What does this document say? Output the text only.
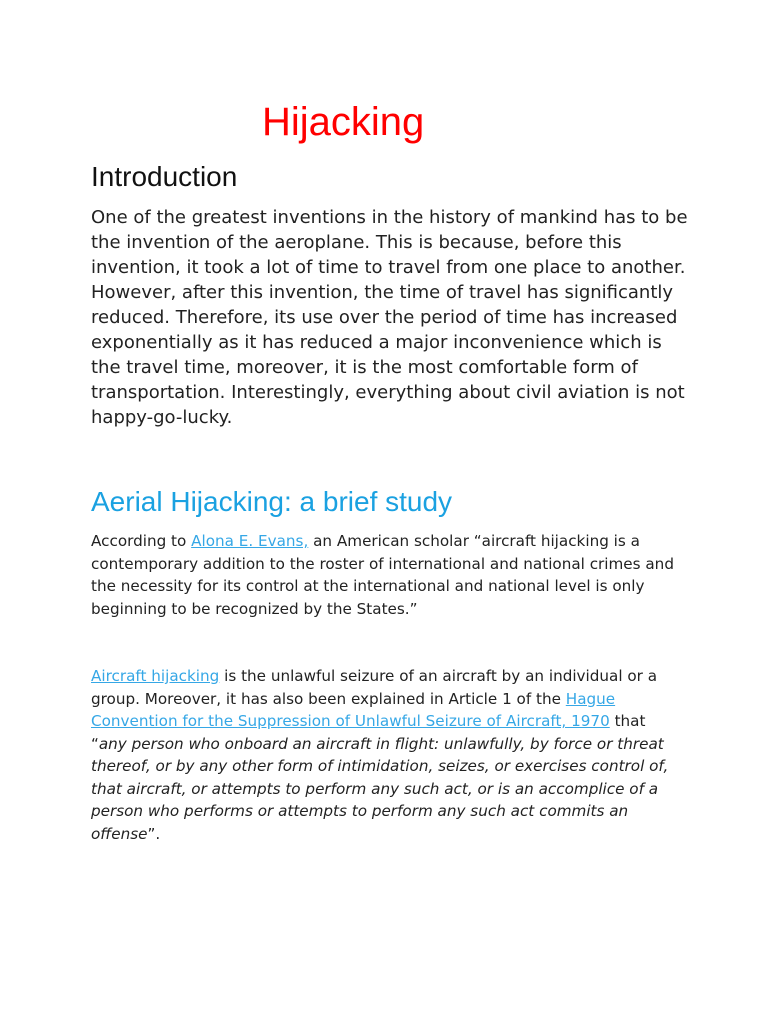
Hijacking
Introduction

One of the greatest inventions in the history of mankind has to be the invention of the aeroplane. This is because, before this invention, it took a lot of time to travel from one place to another. However, after this invention, the time of travel has significantly reduced. Therefore, its use over the period of time has increased exponentially as it has reduced a major inconvenience which is the travel time, moreover, it is the most comfortable form of transportation. Interestingly, everything about civil aviation is not happy-go-lucky.

Aerial Hijacking: a brief study

According to Alona E. Evans, an American scholar “aircraft hijacking is a contemporary addition to the roster of international and national crimes and the necessity for its control at the international and national level is only beginning to be recognized by the States.”

Aircraft hijacking is the unlawful seizure of an aircraft by an individual or a group. Moreover, it has also been explained in Article 1 of the Hague Convention for the Suppression of Unlawful Seizure of Aircraft, 1970 that “any person who onboard an aircraft in flight: unlawfully, by force or threat thereof, or by any other form of intimidation, seizes, or exercises control of, that aircraft, or attempts to perform any such act, or is an accomplice of a person who performs or attempts to perform any such act commits an offense”.
